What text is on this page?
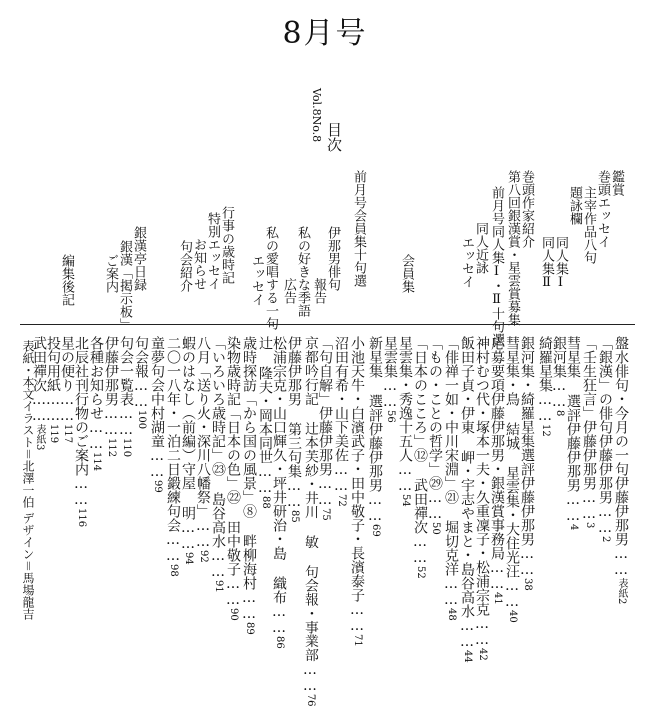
8月号
Vol.8No.8 目次
鑑賞
巻頭エッセイ
主宰作品八句
題詠欄
同人集Ⅰ
同人集Ⅱ
巻頭作家紹介
第八回銀漢賞・星雲賞募集
前月号同人集Ⅰ・Ⅱ十句選
同人近詠
エッセイ
会員集
前月号会員集十句選
伊那男俳句
報告
私の好きな季語
広告
私の愛唱する一句
エッセイ
行事の歳時記
特別エッセイ
お知らせ
句会紹介
銀漢亭日録
銀漢「掲示板」
ご案内
編集後記
盤水俳句・今月の一句伊藤伊那男……表紙2
「銀漢」の俳句伊藤伊那男……2
「壬生狂言」伊藤伊那男……3
彗星集 選評伊藤伊那男……4
銀河集……8
綺羅星集……12
銀河集・綺羅星集選評伊藤伊那男……38
彗星集・鳥 結城 星雲集・大住光汪……40
応募要項伊藤伊那男・銀漢賞事務局……41
神村むつ代・塚本一夫・久重凜子・松浦宗克……42
飯田子貞・伊東 岬・宇志やまと・島谷高水……44
「俳禅一如・中川宋淵」㉑ 堀切克洋……48
「もの・ことの哲学」㉙……50
「日本のこころ」⑫ 武田禪次……52
星雲集・秀逸十五人……54
星雲集……56
新星集 選評伊藤伊那男……69
小池天牛・白濱武子・田中敬子・長濱泰子……71
沼田有希・山下美佐……72
「句自解」伊藤伊那男……75
京都吟行記 辻本芙紗・井川 敏 句会報・事業部……76
伊藤伊那男 第三句集……85
松浦宗克・山口輝久・坪井研治・島 織布……86
辻 隆夫・岡本同世……88
歳時探訪「から国の風景」⑧ 畔柳海村……89
染物歳時記「日本の色」㉒ 田中敬子……90
「いろいろ歳時記」㉓ 島谷高水……91
八月「送り火・深川八幡祭」……92
蝦のはなし（前編）守屋 明……94
二〇一八年・一泊二日鍛練句会……98
童夢句会中村湖童……99
句会報……100
句会一覧表……110
伊藤伊那男……112
各種お知らせ……114
北辰社刊行物のご案内……116
星の便り……117
投句用紙……119
武田禪次……表紙3
表紙・本文イラスト＝北澤一伯 デザイン＝馬場龍吉
